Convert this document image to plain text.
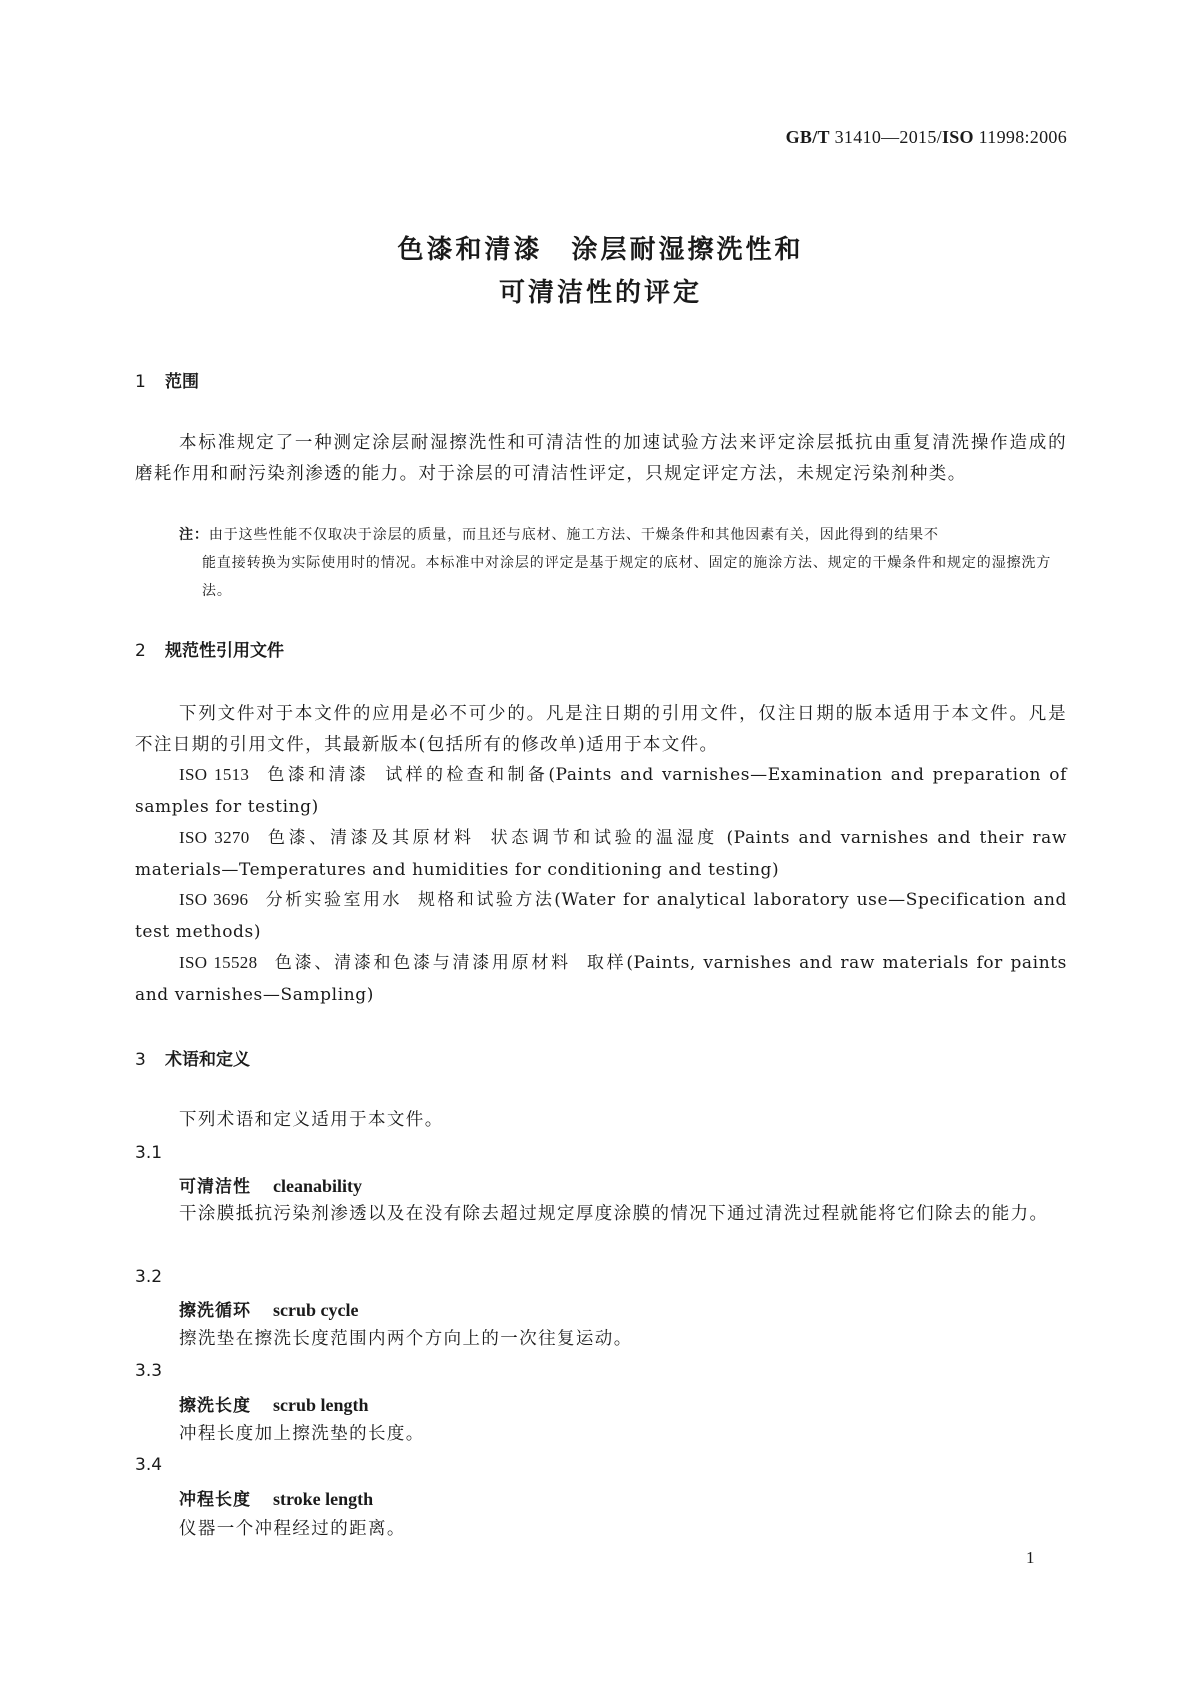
GB/T 31410—2015/ISO 11998:2006
色漆和清漆　涂层耐湿擦洗性和
可清洁性的评定
1 范围
本标准规定了一种测定涂层耐湿擦洗性和可清洁性的加速试验方法来评定涂层抵抗由重复清洗操作造成的磨耗作用和耐污染剂渗透的能力。对于涂层的可清洁性评定，只规定评定方法，未规定污染剂种类。
注：由于这些性能不仅取决于涂层的质量，而且还与底材、施工方法、干燥条件和其他因素有关，因此得到的结果不
能直接转换为实际使用时的情况。本标准中对涂层的评定是基于规定的底材、固定的施涂方法、规定的干燥条件和规定的湿擦洗方法。
2 规范性引用文件
下列文件对于本文件的应用是必不可少的。凡是注日期的引用文件，仅注日期的版本适用于本文件。凡是不注日期的引用文件，其最新版本(包括所有的修改单)适用于本文件。
ISO 1513 色漆和清漆 试样的检查和制备(Paints and varnishes—Examination and preparation of samples for testing)
ISO 3270 色漆、清漆及其原材料 状态调节和试验的温湿度 (Paints and varnishes and their raw materials—Temperatures and humidities for conditioning and testing)
ISO 3696 分析实验室用水 规格和试验方法(Water for analytical laboratory use—Specification and test methods)
ISO 15528 色漆、清漆和色漆与清漆用原材料 取样(Paints, varnishes and raw materials for paints and varnishes—Sampling)
3 术语和定义
下列术语和定义适用于本文件。
3.1
可清洁性 cleanability
干涂膜抵抗污染剂渗透以及在没有除去超过规定厚度涂膜的情况下通过清洗过程就能将它们除去的能力。
3.2
擦洗循环 scrub cycle
擦洗垫在擦洗长度范围内两个方向上的一次往复运动。
3.3
擦洗长度 scrub length
冲程长度加上擦洗垫的长度。
3.4
冲程长度 stroke length
仪器一个冲程经过的距离。
1
